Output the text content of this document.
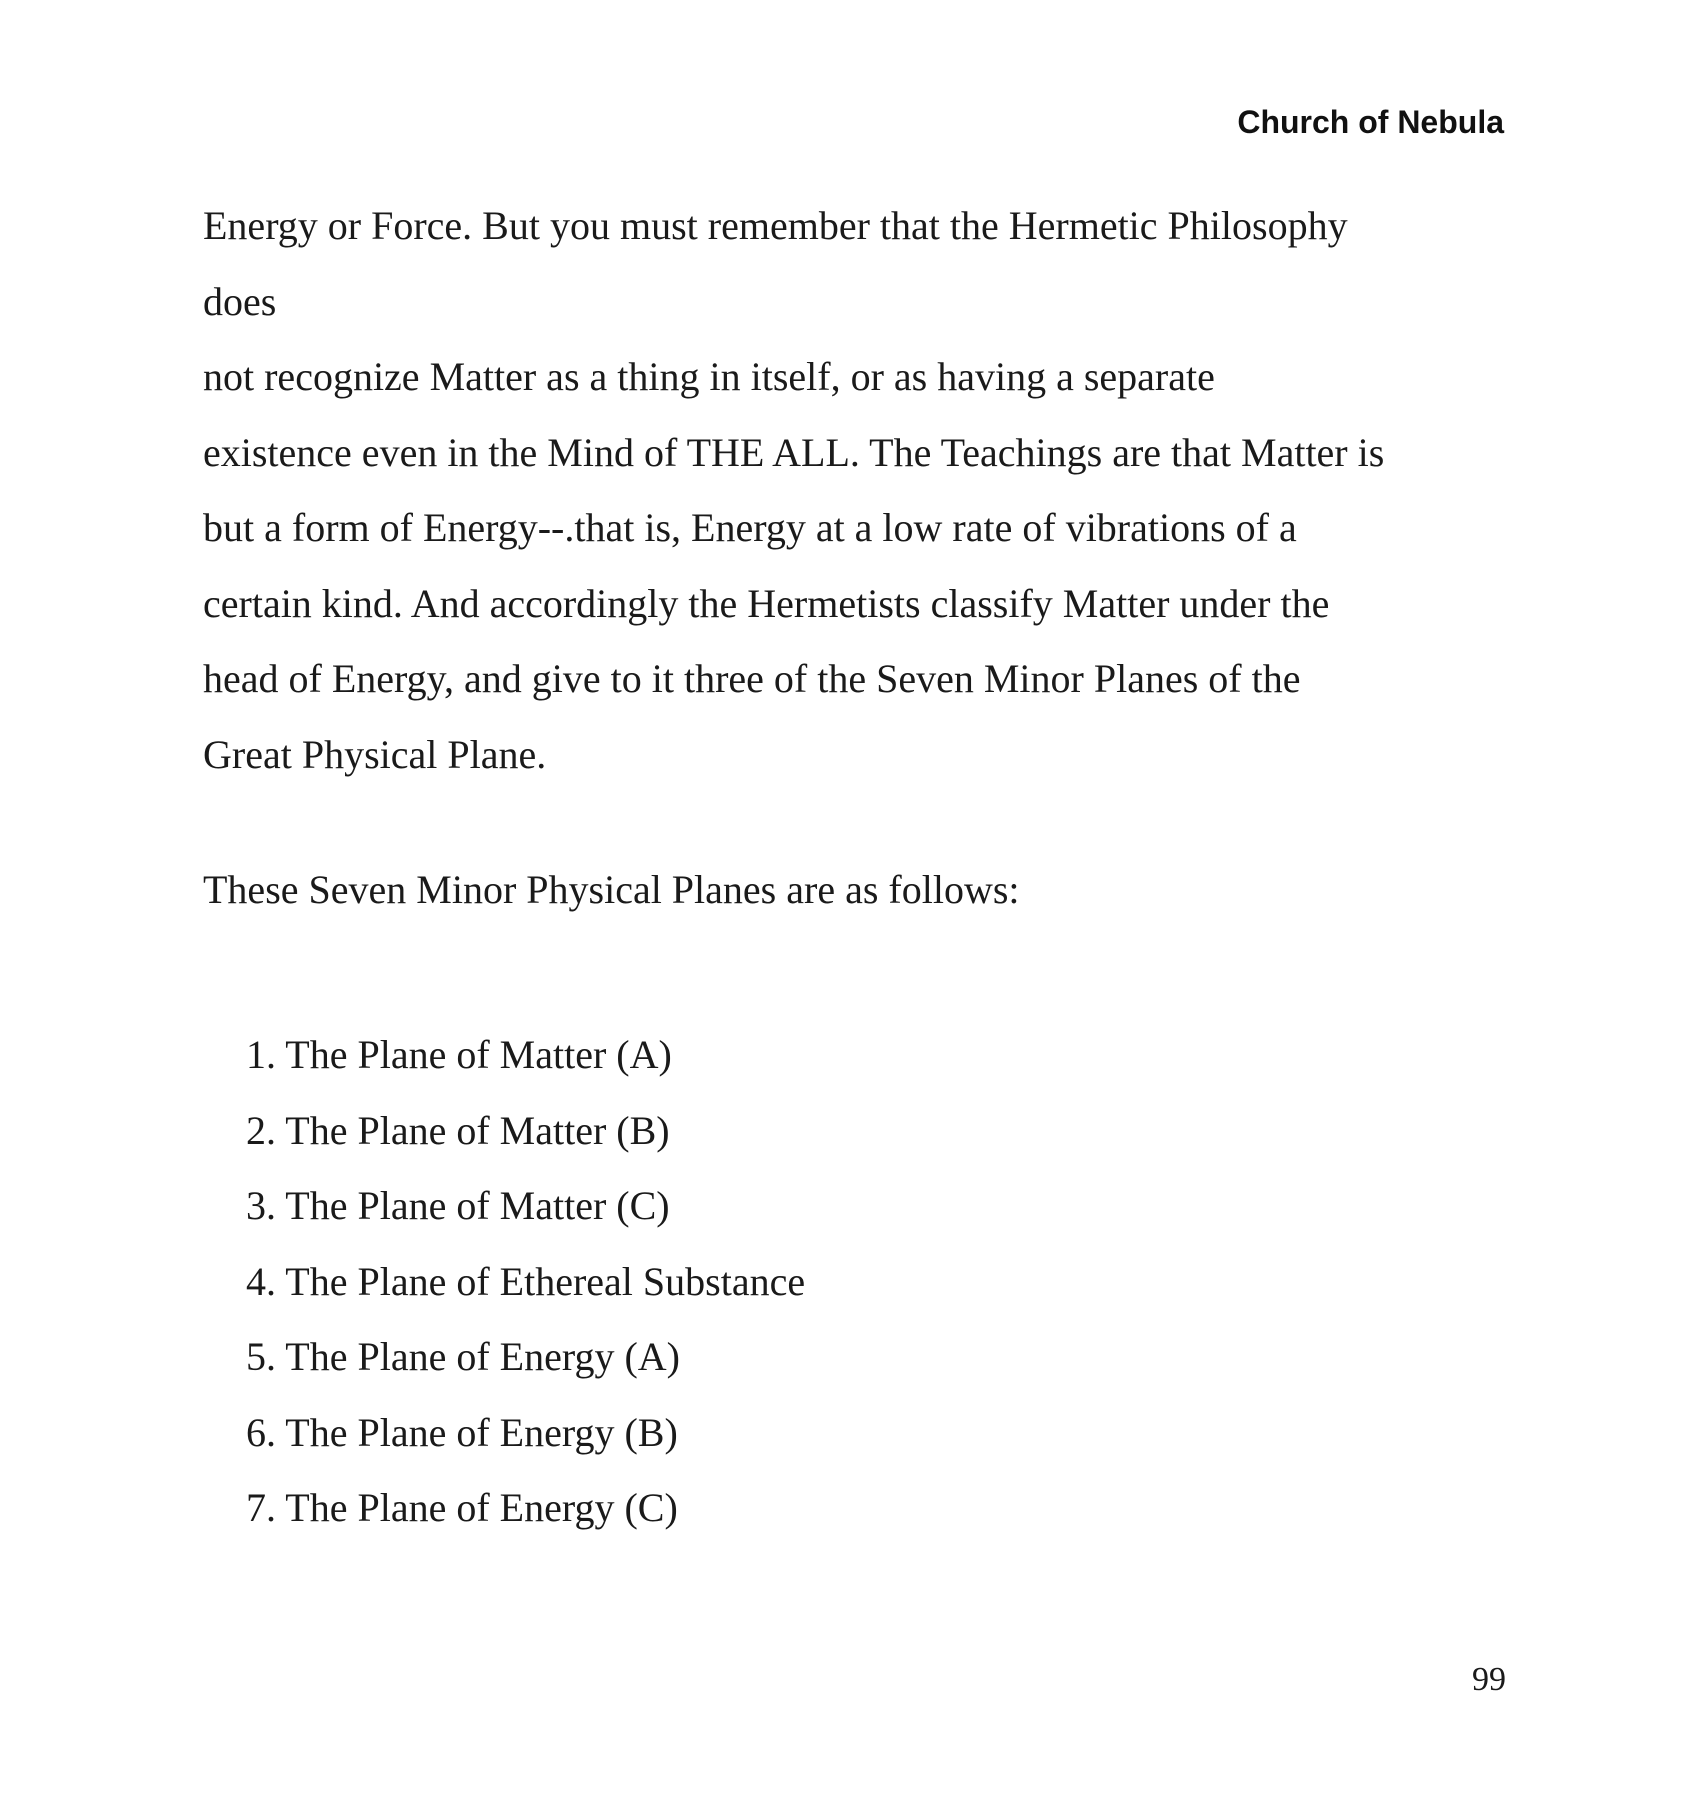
Church of Nebula
Energy or Force. But you must remember that the Hermetic Philosophy
does
not recognize Matter as a thing in itself, or as having a separate
existence even in the Mind of THE ALL. The Teachings are that Matter is
but a form of Energy--.that is, Energy at a low rate of vibrations of a
certain kind. And accordingly the Hermetists classify Matter under the
head of Energy, and give to it three of the Seven Minor Planes of the
Great Physical Plane.
These Seven Minor Physical Planes are as follows:
1. The Plane of Matter (A)
2. The Plane of Matter (B)
3. The Plane of Matter (C)
4. The Plane of Ethereal Substance
5. The Plane of Energy (A)
6. The Plane of Energy (B)
7. The Plane of Energy (C)
99
